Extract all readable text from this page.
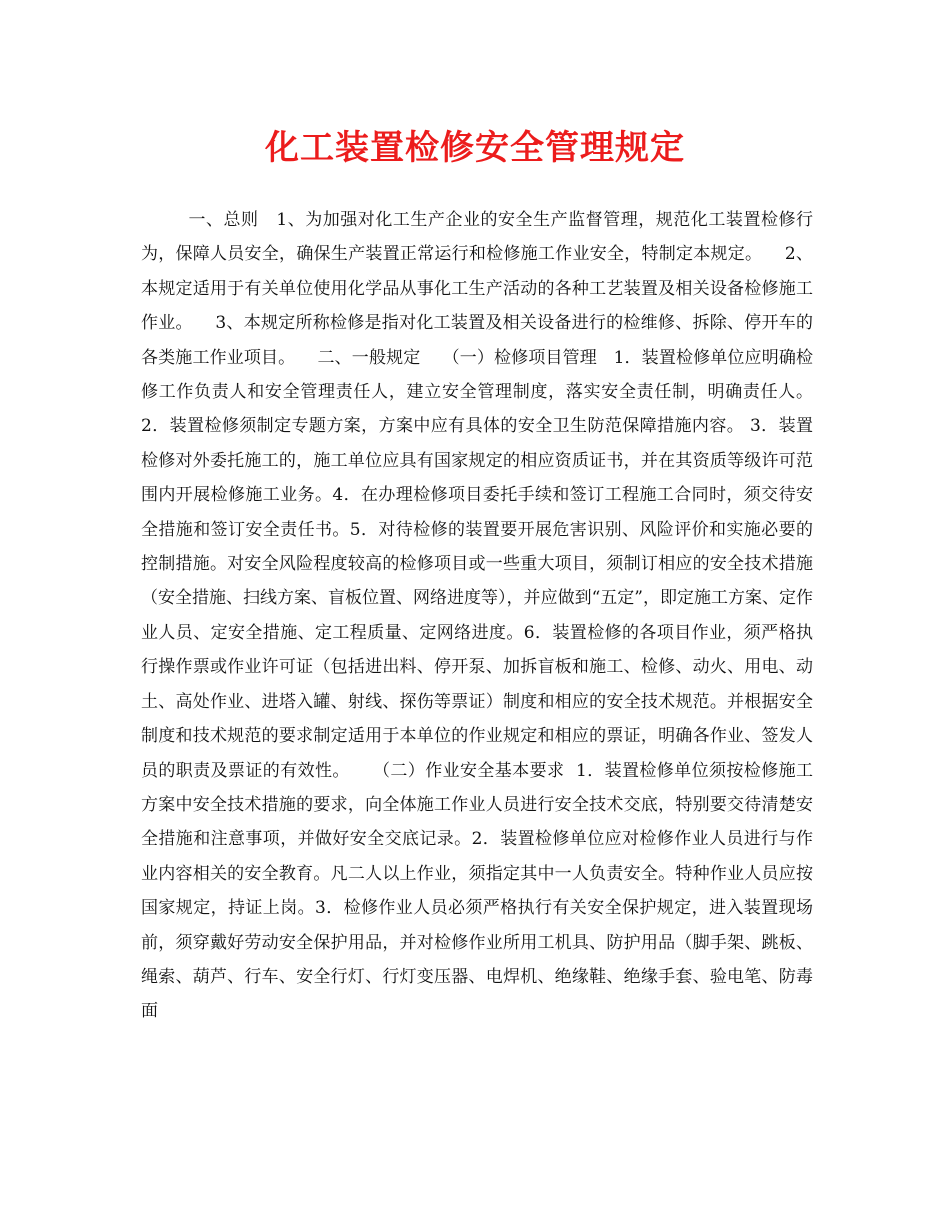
化工装置检修安全管理规定

一、总则   1、为加强对化工生产企业的安全生产监督管理，规范化工装置检修行为，保障人员安全，确保生产装置正常运行和检修施工作业安全，特制定本规定。    2、本规定适用于有关单位使用化学品从事化工生产活动的各种工艺装置及相关设备检修施工作业。    3、本规定所称检修是指对化工装置及相关设备进行的检维修、拆除、停开车的各类施工作业项目。    二、一般规定    （一）检修项目管理   1．装置检修单位应明确检修工作负责人和安全管理责任人，建立安全管理制度，落实安全责任制，明确责任人。2．装置检修须制定专题方案，方案中应有具体的安全卫生防范保障措施内容。 3．装置检修对外委托施工的，施工单位应具有国家规定的相应资质证书，并在其资质等级许可范围内开展检修施工业务。4．在办理检修项目委托手续和签订工程施工合同时，须交待安全措施和签订安全责任书。5．对待检修的装置要开展危害识别、风险评价和实施必要的控制措施。对安全风险程度较高的检修项目或一些重大项目，须制订相应的安全技术措施（安全措施、扫线方案、盲板位置、网络进度等），并应做到“五定”，即定施工方案、定作业人员、定安全措施、定工程质量、定网络进度。6．装置检修的各项目作业，须严格执行操作票或作业许可证（包括进出料、停开泵、加拆盲板和施工、检修、动火、用电、动土、高处作业、进塔入罐、射线、探伤等票证）制度和相应的安全技术规范。并根据安全制度和技术规范的要求制定适用于本单位的作业规定和相应的票证，明确各作业、签发人员的职责及票证的有效性。    （二）作业安全基本要求  1．装置检修单位须按检修施工方案中安全技术措施的要求，向全体施工作业人员进行安全技术交底，特别要交待清楚安全措施和注意事项，并做好安全交底记录。2．装置检修单位应对检修作业人员进行与作业内容相关的安全教育。凡二人以上作业，须指定其中一人负责安全。特种作业人员应按国家规定，持证上岗。3．检修作业人员必须严格执行有关安全保护规定，进入装置现场前，须穿戴好劳动安全保护用品，并对检修作业所用工机具、防护用品（脚手架、跳板、绳索、葫芦、行车、安全行灯、行灯变压器、电焊机、绝缘鞋、绝缘手套、验电笔、防毒面
